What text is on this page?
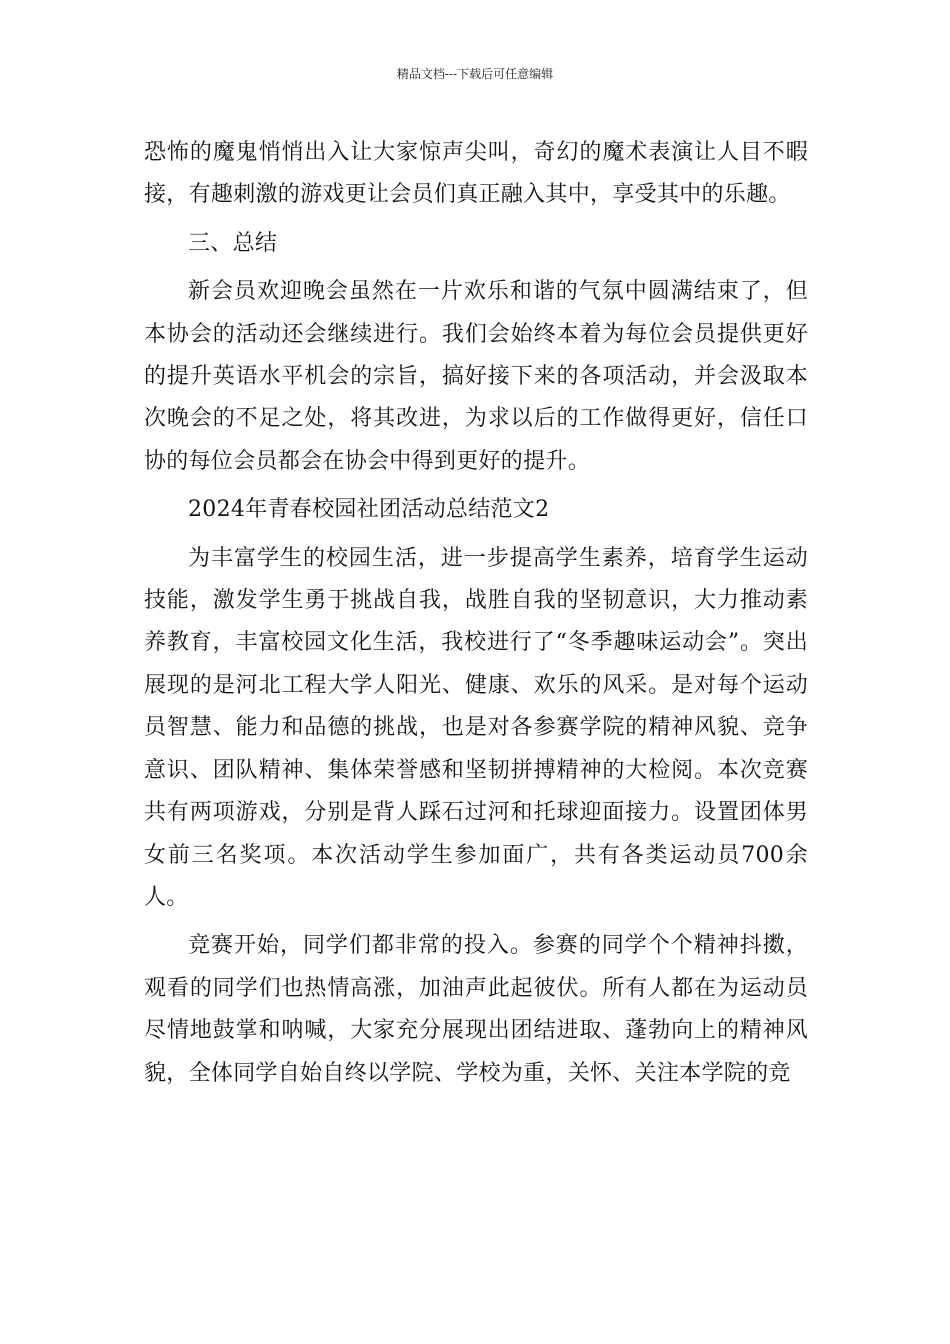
精品文档---下载后可任意编辑

恐怖的魔鬼悄悄出入让大家惊声尖叫，奇幻的魔术表演让人目不暇接，有趣刺激的游戏更让会员们真正融入其中，享受其中的乐趣。

三、总结

新会员欢迎晚会虽然在一片欢乐和谐的气氛中圆满结束了，但本协会的活动还会继续进行。我们会始终本着为每位会员提供更好的提升英语水平机会的宗旨，搞好接下来的各项活动，并会汲取本次晚会的不足之处，将其改进，为求以后的工作做得更好，信任口协的每位会员都会在协会中得到更好的提升。

2024年青春校园社团活动总结范文2

为丰富学生的校园生活，进一步提高学生素养，培育学生运动技能，激发学生勇于挑战自我，战胜自我的坚韧意识，大力推动素养教育，丰富校园文化生活，我校进行了“冬季趣味运动会”。突出展现的是河北工程大学人阳光、健康、欢乐的风采。是对每个运动员智慧、能力和品德的挑战，也是对各参赛学院的精神风貌、竞争意识、团队精神、集体荣誉感和坚韧拼搏精神的大检阅。本次竞赛共有两项游戏，分别是背人踩石过河和托球迎面接力。设置团体男女前三名奖项。本次活动学生参加面广，共有各类运动员700余人。

竞赛开始，同学们都非常的投入。参赛的同学个个精神抖擞，观看的同学们也热情高涨，加油声此起彼伏。所有人都在为运动员尽情地鼓掌和呐喊，大家充分展现出团结进取、蓬勃向上的精神风貌，全体同学自始自终以学院、学校为重，关怀、关注本学院的竞
